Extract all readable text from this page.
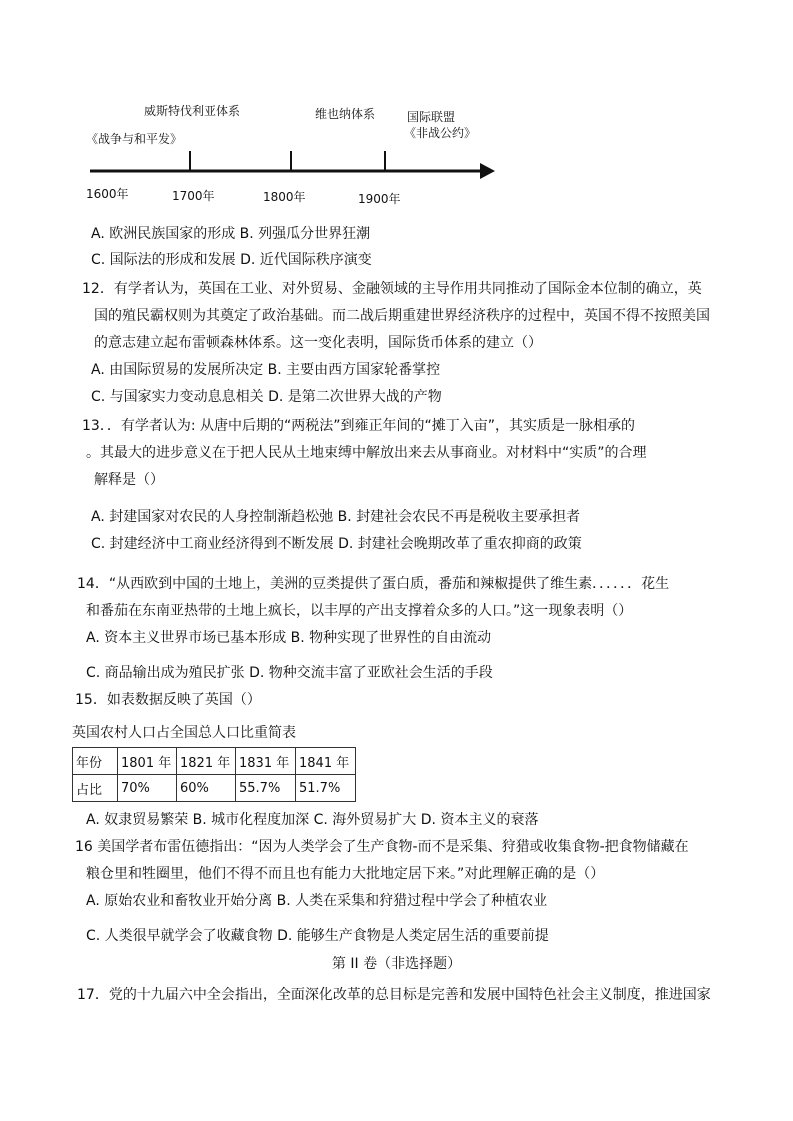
威斯特伐利亚体系
《战争与和平发》
维也纳体系	国际联盟
《非战公约》
1600年	1700年	1800年	1900年
A. 欧洲民族国家的形成 B. 列强瓜分世界狂潮
C. 国际法的形成和发展 D. 近代国际秩序演变
12．有学者认为，英国在工业、对外贸易、金融领域的主导作用共同推动了国际金本位制的确立，英
国的殖民霸权则为其奠定了政治基础。而二战后期重建世界经济秩序的过程中，英国不得不按照美国
的意志建立起布雷顿森林体系。这一变化表明，国际货币体系的建立（）
A. 由国际贸易的发展所决定 B. 主要由西方国家轮番掌控
C. 与国家实力变动息息相关 D. 是第二次世界大战的产物
13．．有学者认为: 从唐中后期的“两税法”到雍正年间的“摊丁入亩”，其实质是一脉相承的
。其最大的进步意义在于把人民从土地束缚中解放出来去从事商业。对材料中“实质”的合理
解释是（）
A. 封建国家对农民的人身控制渐趋松弛 B. 封建社会农民不再是税收主要承担者
C. 封建经济中工商业经济得到不断发展 D. 封建社会晚期改革了重农抑商的政策
14．“从西欧到中国的土地上，美洲的豆类提供了蛋白质，番茄和辣椒提供了维生素．．．．．．花生
和番茄在东南亚热带的土地上疯长，以丰厚的产出支撑着众多的人口。”这一现象表明（）
A. 资本主义世界市场已基本形成 B. 物种实现了世界性的自由流动
C. 商品输出成为殖民扩张 D. 物种交流丰富了亚欧社会生活的手段
15．如表数据反映了英国（）
英国农村人口占全国总人口比重简表
年份	1801 年	1821 年	1831 年	1841 年
占比	70%	60%	55.7%	51.7%
A. 奴隶贸易繁荣 B. 城市化程度加深 C. 海外贸易扩大 D. 资本主义的衰落
16 美国学者布雷伍德指出：“因为人类学会了生产食物-而不是采集、狩猎或收集食物-把食物储藏在
粮仓里和牲圈里，他们不得不而且也有能力大批地定居下来。”对此理解正确的是（）
A. 原始农业和畜牧业开始分离 B. 人类在采集和狩猎过程中学会了种植农业
C. 人类很早就学会了收藏食物 D. 能够生产食物是人类定居生活的重要前提
第 II 卷（非选择题）
17．党的十九届六中全会指出，全面深化改革的总目标是完善和发展中国特色社会主义制度，推进国家
